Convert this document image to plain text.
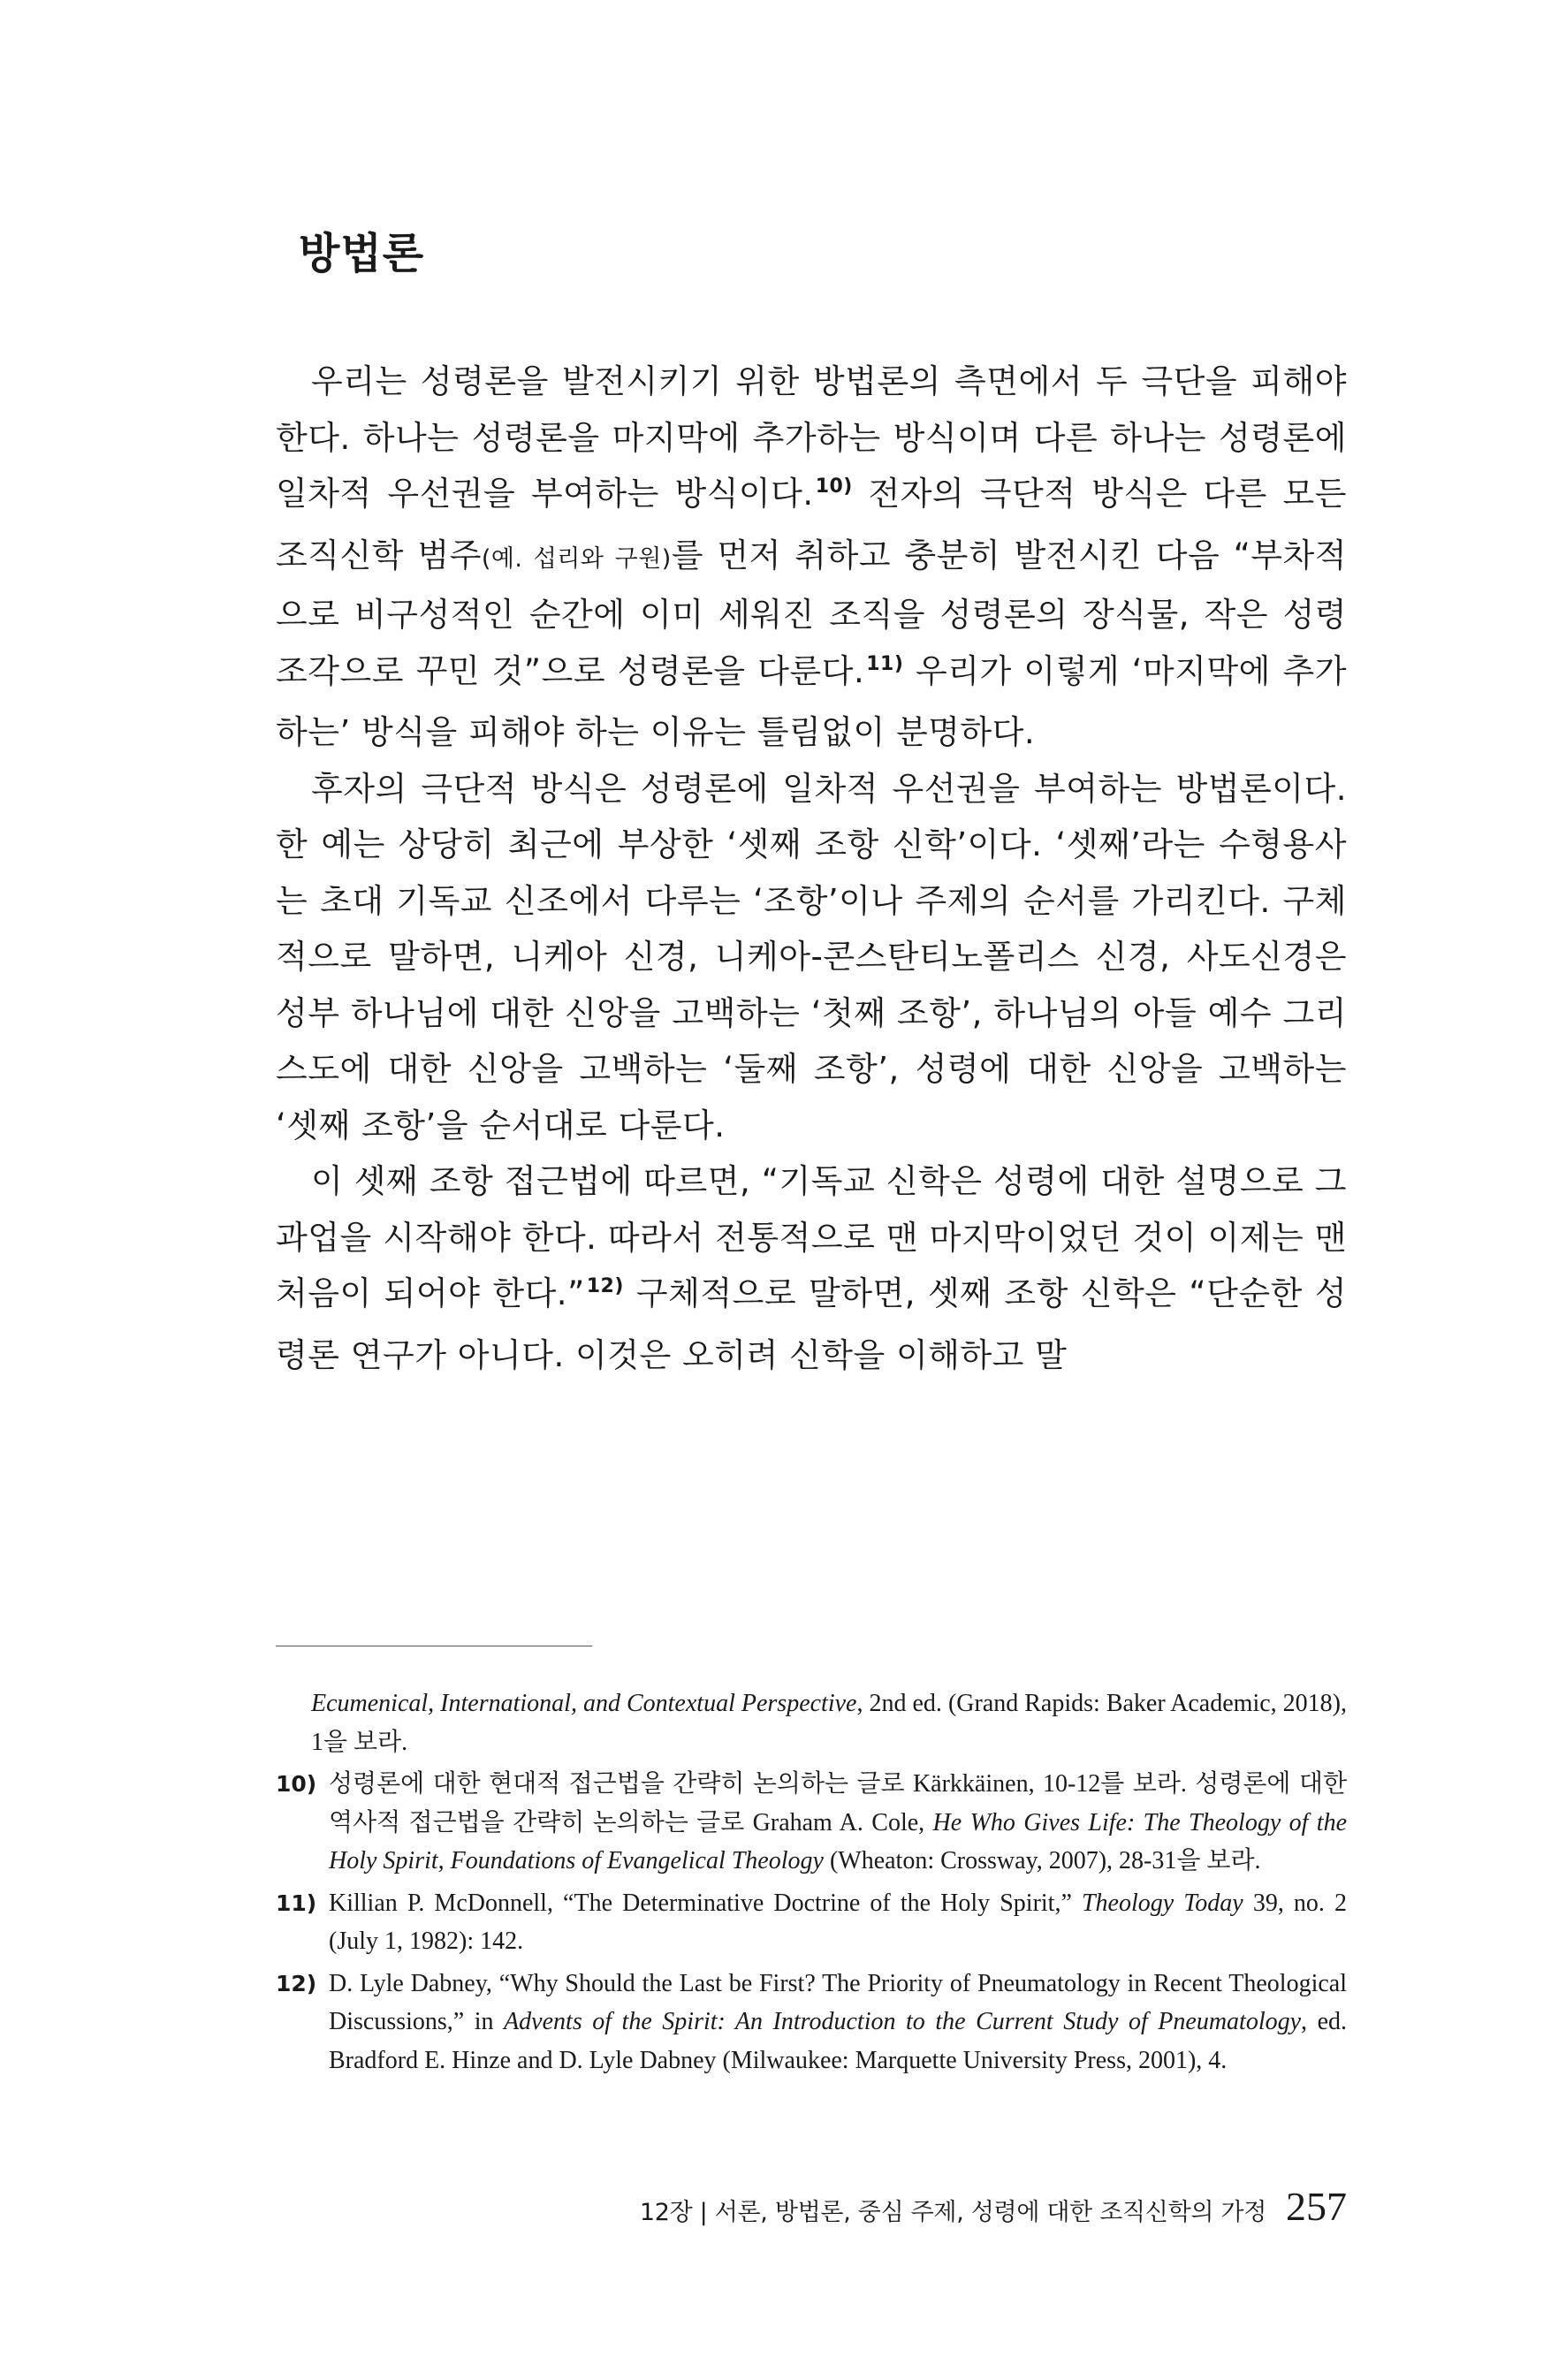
방법론

우리는 성령론을 발전시키기 위한 방법론의 측면에서 두 극단을 피해야 한다. 하나는 성령론을 마지막에 추가하는 방식이며 다른 하나는 성령론에 일차적 우선권을 부여하는 방식이다.$^{10)}$ 전자의 극단적 방식은 다른 모든 조직신학 범주(예. 섭리와 구원)를 먼저 취하고 충분히 발전시킨 다음 “부차적으로 비구성적인 순간에 이미 세워진 조직을 성령론의 장식물, 작은 성령 조각으로 꾸민 것”으로 성령론을 다룬다.$^{11)}$ 우리가 이렇게 ‘마지막에 추가하는’ 방식을 피해야 하는 이유는 틀림없이 분명하다.

후자의 극단적 방식은 성령론에 일차적 우선권을 부여하는 방법론이다. 한 예는 상당히 최근에 부상한 ‘셋째 조항 신학’이다. ‘셋째’라는 수형용사는 초대 기독교 신조에서 다루는 ‘조항’이나 주제의 순서를 가리킨다. 구체적으로 말하면, 니케아 신경, 니케아-콘스탄티노폴리스 신경, 사도신경은 성부 하나님에 대한 신앙을 고백하는 ‘첫째 조항’, 하나님의 아들 예수 그리스도에 대한 신앙을 고백하는 ‘둘째 조항’, 성령에 대한 신앙을 고백하는 ‘셋째 조항’을 순서대로 다룬다.

이 셋째 조항 접근법에 따르면, “기독교 신학은 성령에 대한 설명으로 그 과업을 시작해야 한다. 따라서 전통적으로 맨 마지막이었던 것이 이제는 맨 처음이 되어야 한다.”$^{12)}$ 구체적으로 말하면, 셋째 조항 신학은 “단순한 성령론 연구가 아니다. 이것은 오히려 신학을 이해하고 말

Ecumenical, International, and Contextual Perspective, 2nd ed. (Grand Rapids: Baker Academic, 2018), 1을 보라.
10) 성령론에 대한 현대적 접근법을 간략히 논의하는 글로 Kärkkäinen, 10-12를 보라. 성령론에 대한 역사적 접근법을 간략히 논의하는 글로 Graham A. Cole, He Who Gives Life: The Theology of the Holy Spirit, Foundations of Evangelical Theology (Wheaton: Crossway, 2007), 28-31을 보라.
11) Killian P. McDonnell, “The Determinative Doctrine of the Holy Spirit,” Theology Today 39, no. 2 (July 1, 1982): 142.
12) D. Lyle Dabney, “Why Should the Last be First? The Priority of Pneumatology in Recent Theological Discussions,” in Advents of the Spirit: An Introduction to the Current Study of Pneumatology, ed. Bradford E. Hinze and D. Lyle Dabney (Milwaukee: Marquette University Press, 2001), 4.
12장 | 서론, 방법론, 중심 주제, 성령에 대한 조직신학의 가정 257
